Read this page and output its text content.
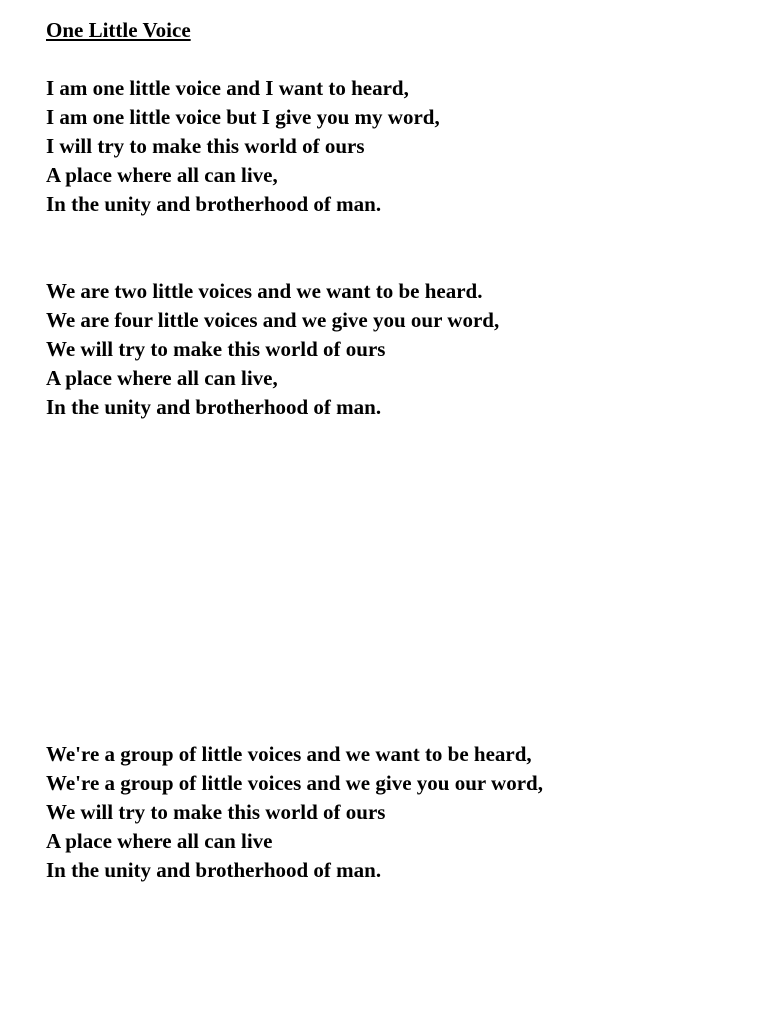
One Little Voice
I am one little voice and I want to heard,
I am one little voice but I give you my word,
I will try to make this world of ours
A place where all can live,
In the unity and brotherhood of man.
We are two little voices and we want to be heard.
We are four little voices and we give you our word,
We will try to make this world of ours
A place where all can live,
In the unity and brotherhood of man.
We're a group of little voices and we want to be heard,
We're a group of little voices and we give you our word,
We will try to make this world of ours
A place where all can live
In the unity and brotherhood of man.
